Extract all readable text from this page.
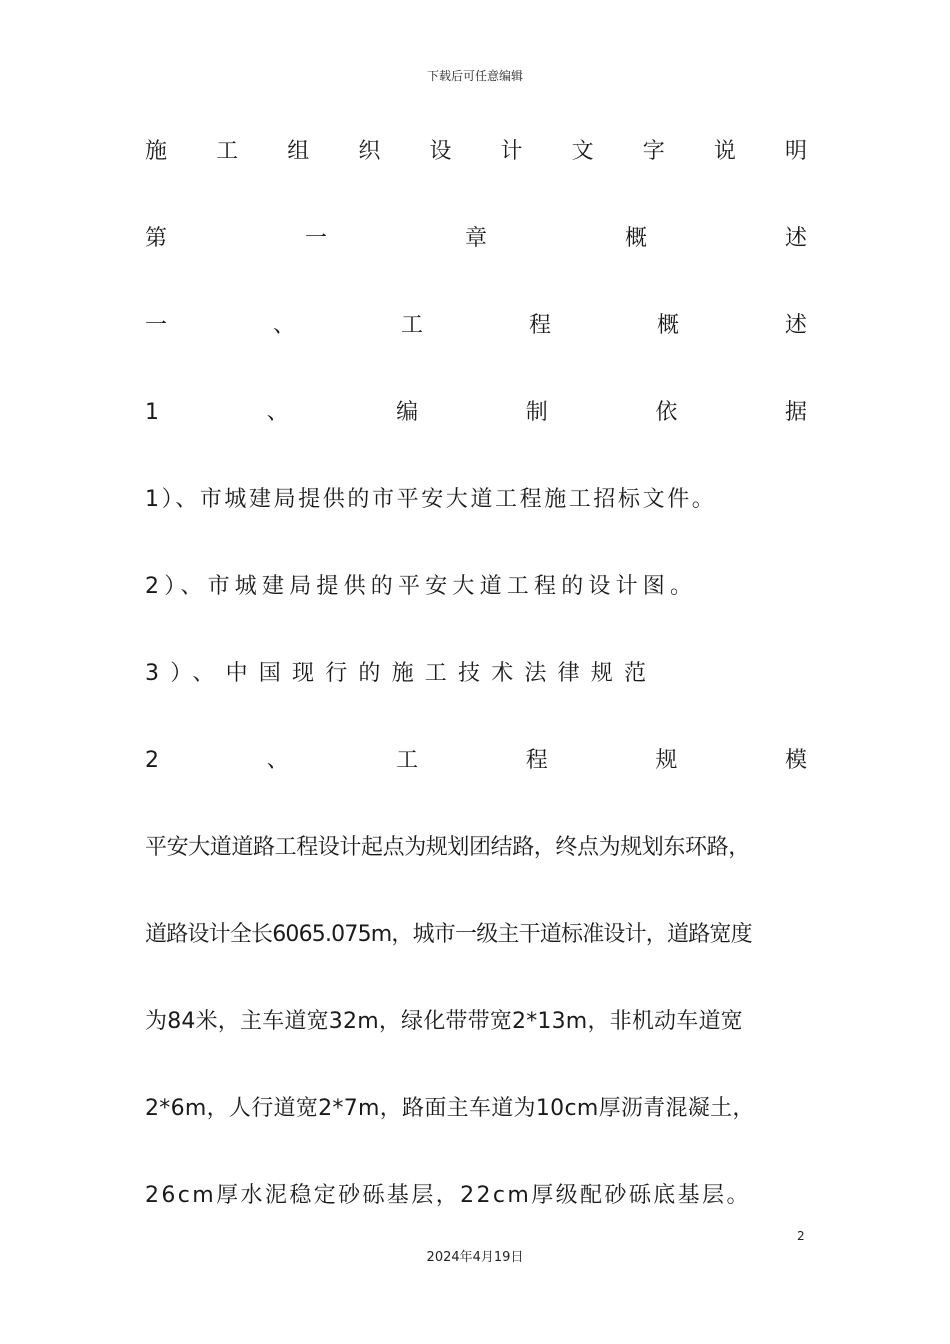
下载后可任意编辑
施 工 组 织 设 计 文 字 说 明
第	一	章	概	述
一	、	工	程	概	述
1	、	编	制	依	据
1）、市城建局提供的市平安大道工程施工招标文件。
2）、市城建局提供的平安大道工程的设计图。
3）、中国现行的施工技术法律规范
2	、	工	程	规	模
平安大道道路工程设计起点为规划团结路，终点为规划东环路，
道路设计全长6065.075m，城市一级主干道标准设计，道路宽度
为84米，主车道宽32m，绿化带带宽2*13m，非机动车道宽
2*6m，人行道宽2*7m，路面主车道为10cm厚沥青混凝土，
26cm厚水泥稳定砂砾基层，22cm厚级配砂砾底基层。
2
2024年4月19日
